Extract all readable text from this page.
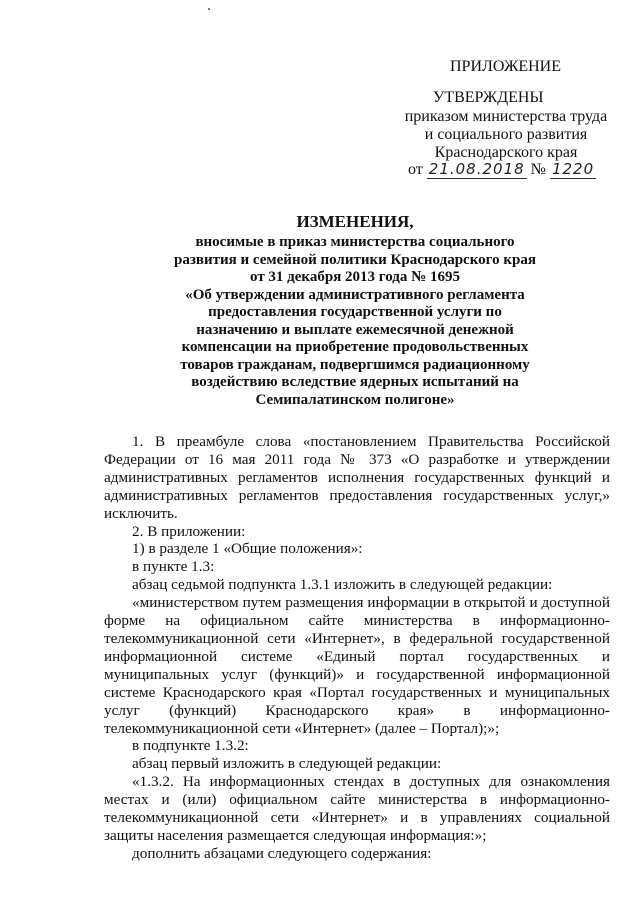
ПРИЛОЖЕНИЕ
УТВЕРЖДЕНЫ
приказом министерства труда
и социального развития
Краснодарского края
от 21.08.2018 № 1220
ИЗМЕНЕНИЯ,
вносимые в приказ министерства социального
развития и семейной политики Краснодарского края
от 31 декабря 2013 года № 1695
«Об утверждении административного регламента
предоставления государственной услуги по
назначению и выплате ежемесячной денежной
компенсации на приобретение продовольственных
товаров гражданам, подвергшимся радиационному
воздействию вследствие ядерных испытаний на
Семипалатинском полигоне»

1. В преамбуле слова «постановлением Правительства Российской Федерации от 16 мая 2011 года № 373 «О разработке и утверждении административных регламентов исполнения государственных функций и административных регламентов предоставления государственных услуг,» исключить.

2. В приложении:

1) в разделе 1 «Общие положения»:

в пункте 1.3:

абзац седьмой подпункта 1.3.1 изложить в следующей редакции:

«министерством путем размещения информации в открытой и доступной форме на официальном сайте министерства в информационно-телекоммуникационной сети «Интернет», в федеральной государственной информационной системе «Единый портал государственных и муниципальных услуг (функций)» и государственной информационной системе Краснодарского края «Портал государственных и муниципальных услуг (функций) Краснодарского края» в информационно-телекоммуникационной сети «Интернет» (далее – Портал);»;

в подпункте 1.3.2:

абзац первый изложить в следующей редакции:

«1.3.2. На информационных стендах в доступных для ознакомления местах и (или) официальном сайте министерства в информационно-телекоммуникационной сети «Интернет» и в управлениях социальной защиты населения размещается следующая информация:»;

дополнить абзацами следующего содержания:
